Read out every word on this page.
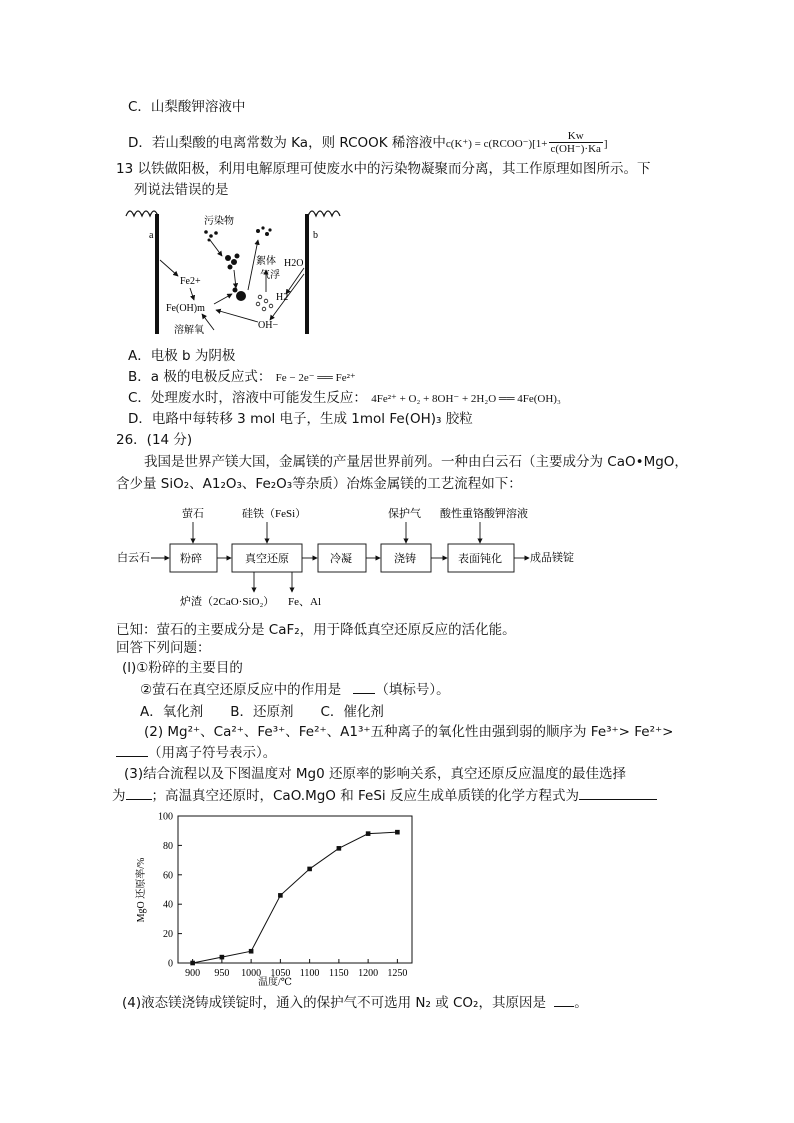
C．山梨酸钾溶液中
D．若山梨酸的电离常数为 Ka，则 RCOOK 稀溶液中c(K⁺) = c(RCOO⁻)[1+ $\frac{Kw}{c(OH^-)\cdot Ka}$ ]
13 以铁做阳极，利用电解原理可使废水中的污染物凝聚而分离，其工作原理如图所示。下
列说法错误的是
a	b
污染物
絮体
气浮
H2O
Fe2+
Fe(OH)m
H2
OH−
溶解氧
A．电极 b 为阴极
B．a 极的电极反应式： Fe − 2e⁻ ══ Fe²⁺
C．处理废水时，溶液中可能发生反应： 4Fe²⁺ + O₂ + 8OH⁻ + 2H₂O ══ 4Fe(OH)₃
D．电路中每转移 3 mol 电子，生成 1mol Fe(OH)₃ 胶粒
26．(14 分)
我国是世界产镁大国，金属镁的产量居世界前列。一种由白云石（主要成分为 CaO•MgO，
含少量 SiO₂、A1₂O₃、Fe₂O₃等杂质）冶炼金属镁的工艺流程如下：
白云石	粉碎	真空还原	冷凝	浇铸	表面钝化	成品镁锭
萤石	硅铁（FeSi）	保护气 酸性重铬酸钾溶液
炉渣（2CaO·SiO₂） Fe、Al
已知：萤石的主要成分是 CaF₂，用于降低真空还原反应的活化能。
回答下列问题：
(l)①粉碎的主要目的
②萤石在真空还原反应中的作用是	（填标号）。
A．氧化剂　　B．还原剂　　C．催化剂
(2) Mg²⁺、Ca²⁺、Fe³⁺、Fe²⁺、A1³⁺五种离子的氧化性由强到弱的顺序为 Fe³⁺> Fe²⁺>
（用离子符号表示）。
(3)结合流程以及下图温度对 Mg0 还原率的影响关系，真空还原反应温度的最佳选择
为 ；高温真空还原时，CaO.MgO 和 FeSi 反应生成单质镁的化学方程式为
0
20
40
60
80
100
900 950 1000 1050 1100 1150 1200 1250
温度/℃
MgO 还原率/%
(4)液态镁浇铸成镁锭时，通入的保护气不可选用 N₂ 或 CO₂，其原因是 。
